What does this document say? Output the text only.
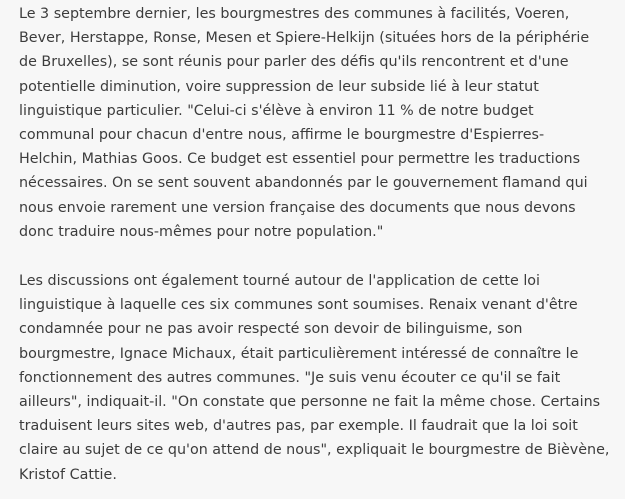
Le 3 septembre dernier, les bourgmestres des communes à facilités, Voeren,
Bever, Herstappe, Ronse, Mesen et Spiere-Helkijn (situées hors de la périphérie
de Bruxelles), se sont réunis pour parler des défis qu'ils rencontrent et d'une
potentielle diminution, voire suppression de leur subside lié à leur statut
linguistique particulier. "Celui-ci s'élève à environ 11 % de notre budget
communal pour chacun d'entre nous, affirme le bourgmestre d'Espierres-
Helchin, Mathias Goos. Ce budget est essentiel pour permettre les traductions
nécessaires. On se sent souvent abandonnés par le gouvernement flamand qui
nous envoie rarement une version française des documents que nous devons
donc traduire nous-mêmes pour notre population."

Les discussions ont également tourné autour de l'application de cette loi
linguistique à laquelle ces six communes sont soumises. Renaix venant d'être
condamnée pour ne pas avoir respecté son devoir de bilinguisme, son
bourgmestre, Ignace Michaux, était particulièrement intéressé de connaître le
fonctionnement des autres communes. "Je suis venu écouter ce qu'il se fait
ailleurs", indiquait-il. "On constate que personne ne fait la même chose. Certains
traduisent leurs sites web, d'autres pas, par exemple. Il faudrait que la loi soit
claire au sujet de ce qu'on attend de nous", expliquait le bourgmestre de Bièvène,
Kristof Cattie.
